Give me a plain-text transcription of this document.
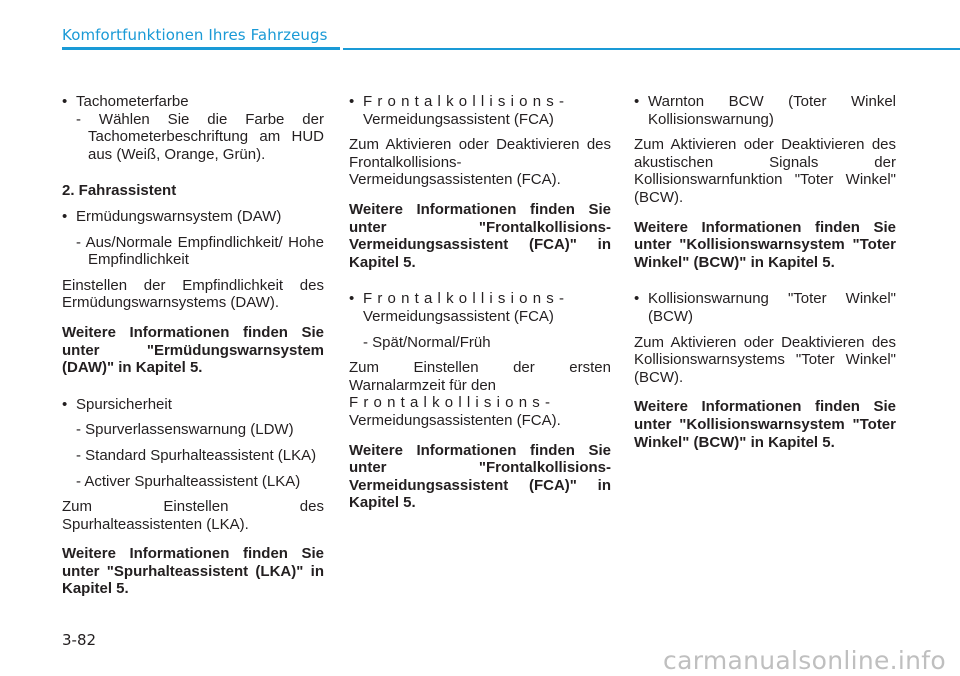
Komfortfunktionen Ihres Fahrzeugs
• Tachometerfarbe
- Wählen Sie die Farbe der Tachometerbeschriftung am HUD aus (Weiß, Orange, Grün).
2. Fahrassistent
• Ermüdungswarnsystem (DAW)
- Aus/Normale Empfindlichkeit/ Hohe Empfindlichkeit
Einstellen der Empfindlichkeit des Ermüdungswarnsystems (DAW).
Weitere Informationen finden Sie unter "Ermüdungswarnsystem (DAW)" in Kapitel 5.
• Spursicherheit
- Spurverlassenswarnung (LDW)
- Standard Spurhalteassistent (LKA)
- Activer Spurhalteassistent (LKA)
Zum Einstellen des Spurhalteassistenten (LKA).
Weitere Informationen finden Sie unter "Spurhalteassistent (LKA)" in Kapitel 5.
• Frontalkollisions-
Vermeidungsassistent (FCA)
Zum Aktivieren oder Deaktivieren des Frontalkollisions-Vermeidungsassistenten (FCA).
Weitere Informationen finden Sie unter "Frontalkollisions-Vermeidungsassistent (FCA)" in Kapitel 5.
• Frontalkollisions-
Vermeidungsassistent (FCA)
- Spät/Normal/Früh
Zum Einstellen der ersten Warnalarmzeit für den
Frontalkollisions-
Vermeidungsassistenten (FCA).
Weitere Informationen finden Sie unter "Frontalkollisions-Vermeidungsassistent (FCA)" in Kapitel 5.
• Warnton BCW (Toter Winkel Kollisionswarnung)
Zum Aktivieren oder Deaktivieren des akustischen Signals der Kollisionswarnfunktion "Toter Winkel" (BCW).
Weitere Informationen finden Sie unter "Kollisionswarnsystem "Toter Winkel" (BCW)" in Kapitel 5.
• Kollisionswarnung "Toter Winkel" (BCW)
Zum Aktivieren oder Deaktivieren des Kollisionswarnsystems "Toter Winkel" (BCW).
Weitere Informationen finden Sie unter "Kollisionswarnsystem "Toter Winkel" (BCW)" in Kapitel 5.
3-82
carmanualsonline.info
